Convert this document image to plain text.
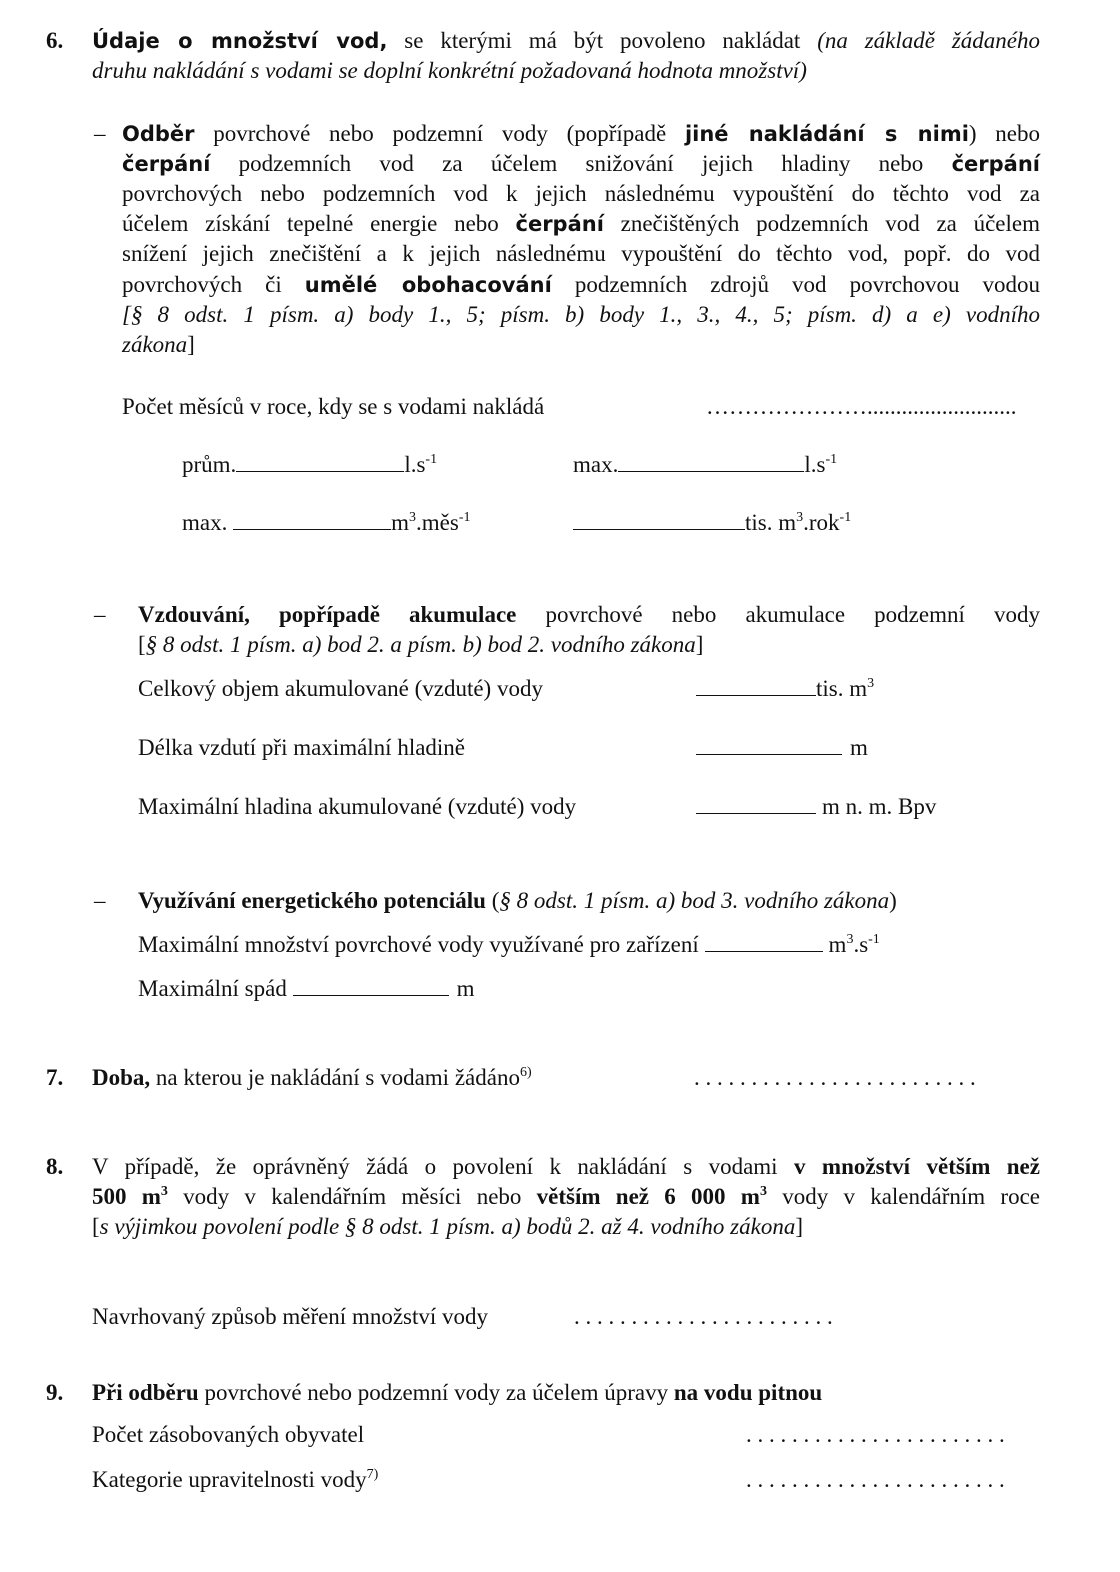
6. Údaje o množství vod, se kterými má být povoleno nakládat (na základě žádaného
druhu nakládání s vodami se doplní konkrétní požadovaná hodnota množství)
– Odběr povrchové nebo podzemní vody (popřípadě jiné nakládání s nimi) nebo
čerpání podzemních vod za účelem snižování jejich hladiny nebo čerpání
povrchových nebo podzemních vod k jejich následnému vypouštění do těchto vod za
účelem získání tepelné energie nebo čerpání znečištěných podzemních vod za účelem
snížení jejich znečištění a k jejich následnému vypouštění do těchto vod, popř. do vod
povrchových či umělé obohacování podzemních zdrojů vod povrchovou vodou
[§ 8 odst. 1 písm. a) body 1., 5; písm. b) body 1., 3., 4., 5; písm. d) a e) vodního
zákona]
Počet měsíců v roce, kdy se s vodami nakládá	…………………..........................
prům.	$l.s^{-1}$	max.	$l.s^{-1}$
max.	$m^3.měs^{-1}$	tis. $m^3.rok^{-1}$
– Vzdouvání, popřípadě akumulace povrchové nebo akumulace podzemní vody
[§ 8 odst. 1 písm. a) bod 2. a písm. b) bod 2. vodního zákona]
Celkový objem akumulované (vzduté) vody	tis. $m^3$
Délka vzdutí při maximální hladině	m
Maximální hladina akumulované (vzduté) vody	m n. m. Bpv
– Využívání energetického potenciálu (§ 8 odst. 1 písm. a) bod 3. vodního zákona)
Maximální množství povrchové vody využívané pro zařízení	$m^3.s^{-1}$
Maximální spád	m
7. Doba, na kterou je nakládání s vodami žádáno$^{6)}$	. . . . . . . . . . . . . . . . . . . . . . . . .
8. V případě, že oprávněný žádá o povolení k nakládání s vodami v množství větším než
500 $m^3$ vody v kalendářním měsíci nebo větším než 6 000 $m^3$ vody v kalendářním roce
[s výjimkou povolení podle § 8 odst. 1 písm. a) bodů 2. až 4. vodního zákona]
Navrhovaný způsob měření množství vody	. . . . . . . . . . . . . . . . . . . . . . .
9. Při odběru povrchové nebo podzemní vody za účelem úpravy na vodu pitnou
Počet zásobovaných obyvatel	. . . . . . . . . . . . . . . . . . . . . . .
Kategorie upravitelnosti vody$^{7)}$	. . . . . . . . . . . . . . . . . . . . . . .
